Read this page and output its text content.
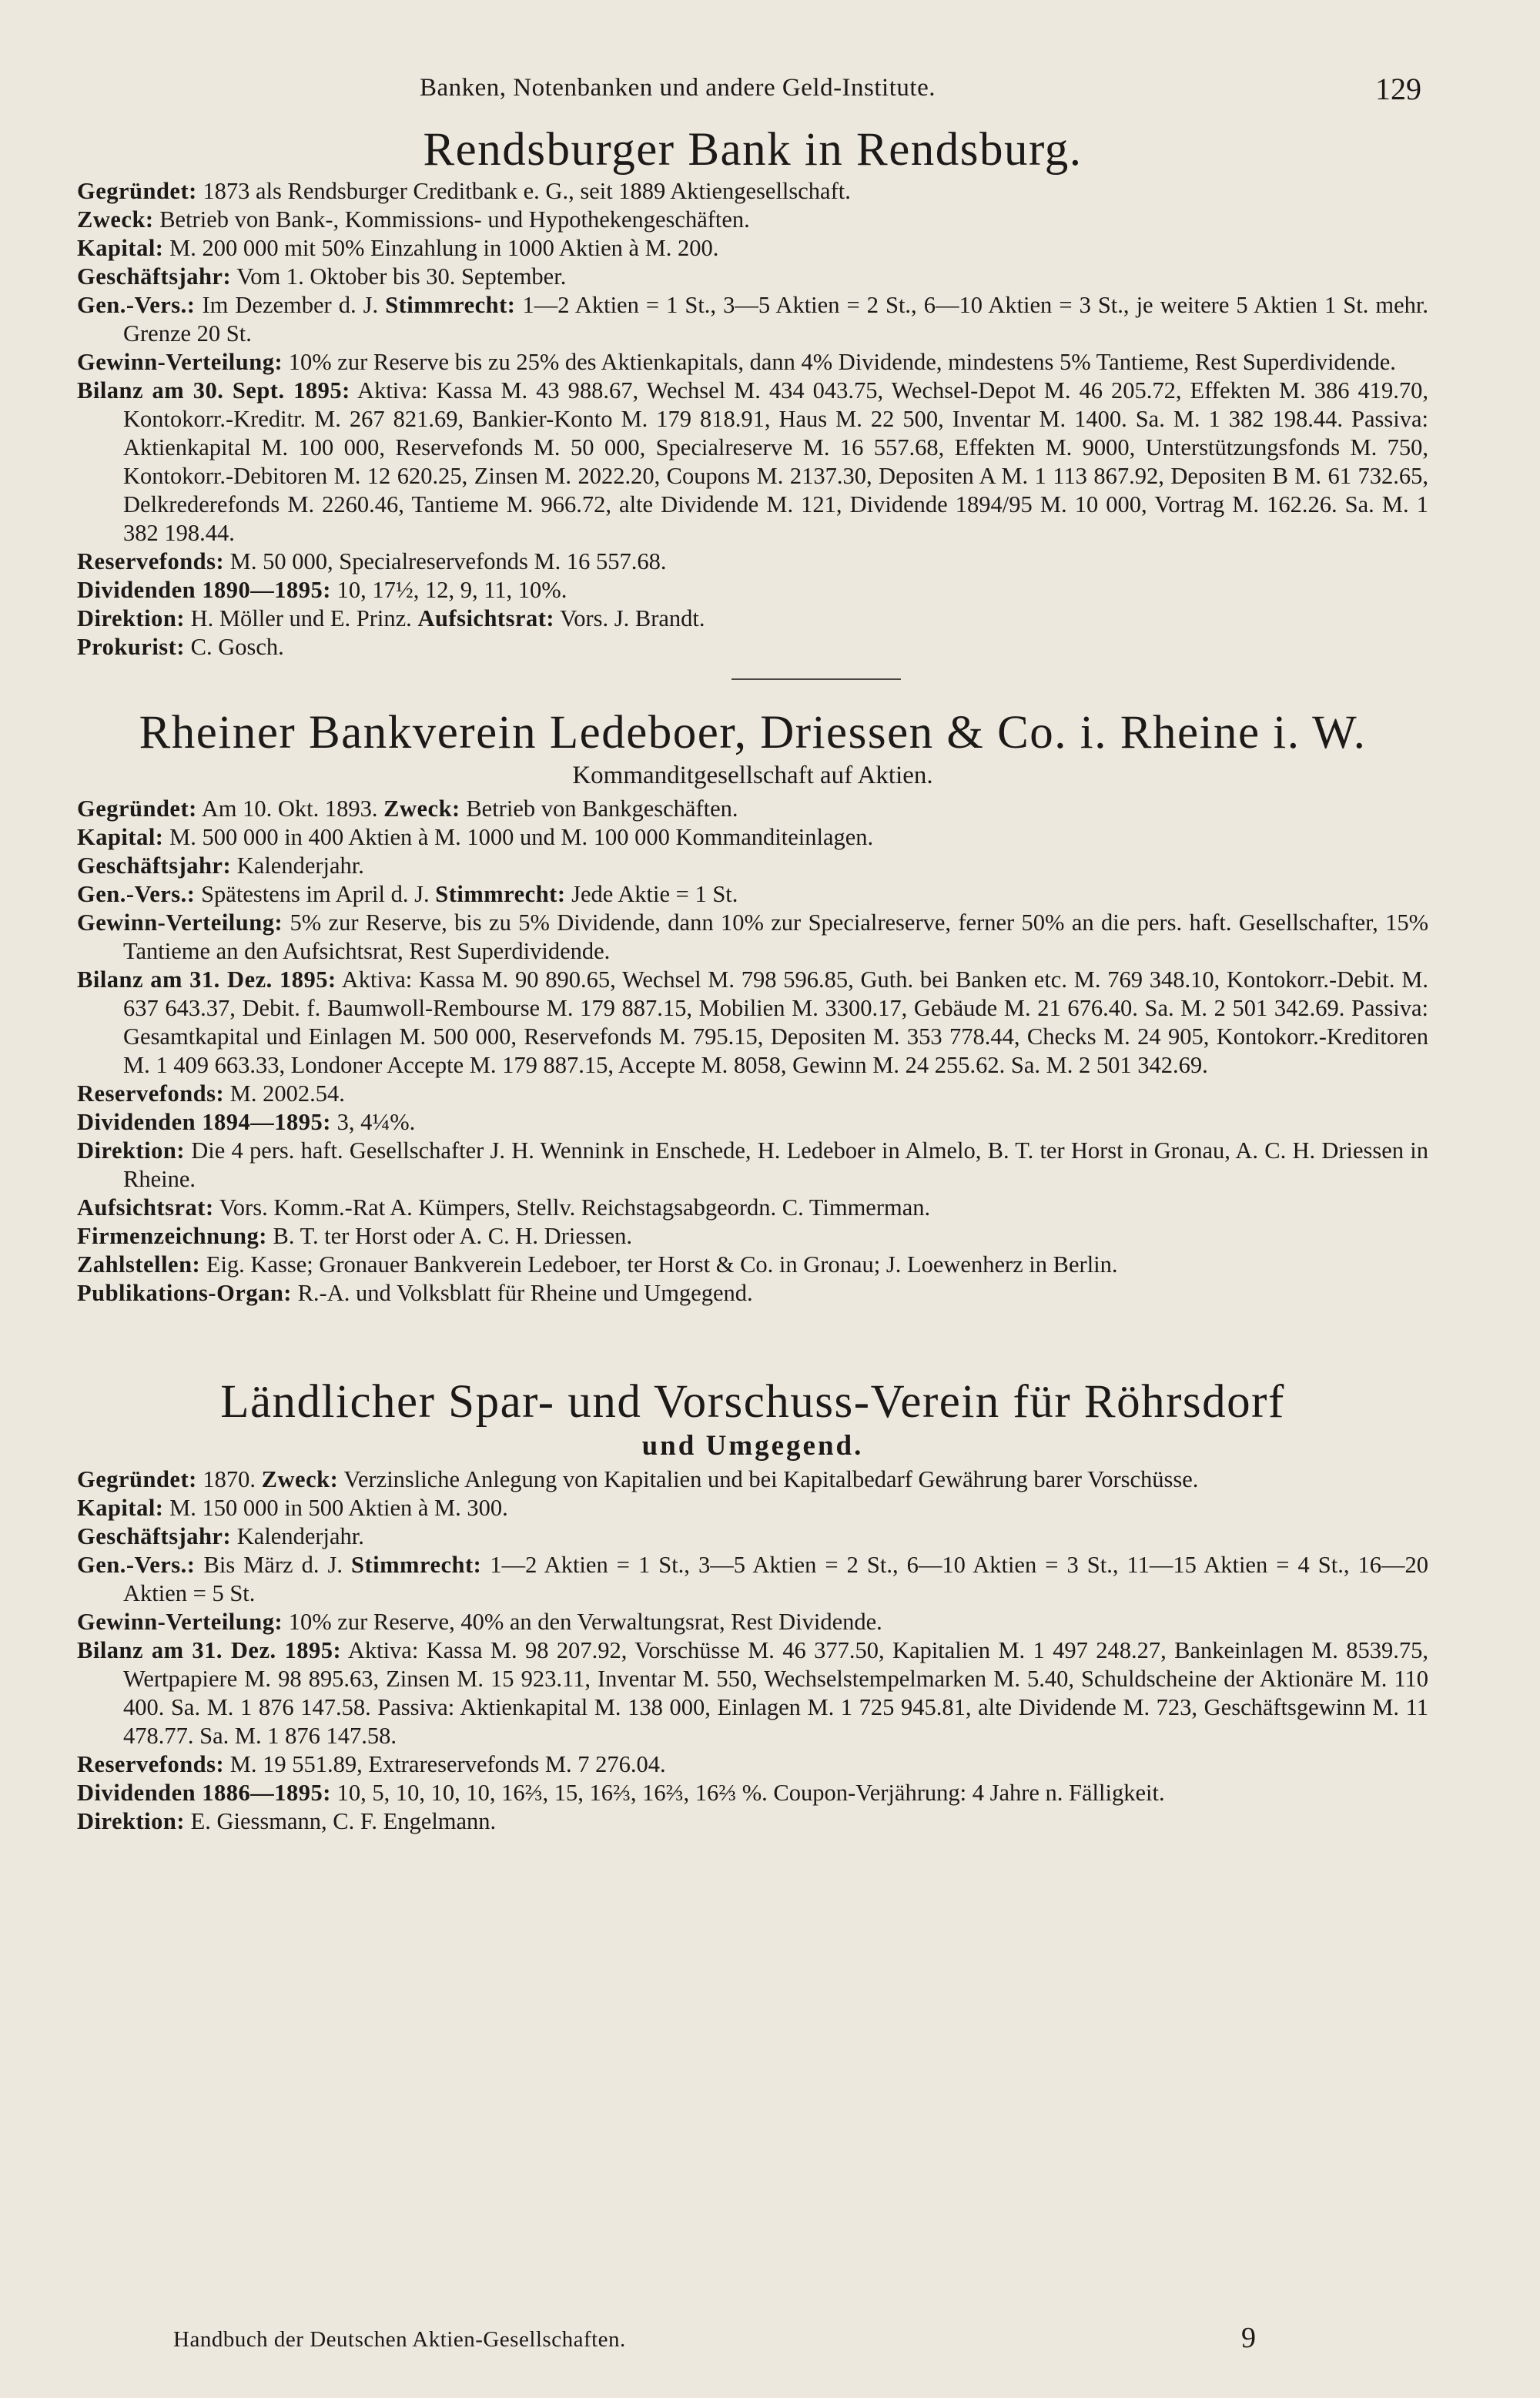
Banken, Notenbanken und andere Geld-Institute.	129
Rendsburger Bank in Rendsburg.

Gegründet: 1873 als Rendsburger Creditbank e. G., seit 1889 Aktiengesellschaft.

Zweck: Betrieb von Bank-, Kommissions- und Hypothekengeschäften.

Kapital: M. 200 000 mit 50% Einzahlung in 1000 Aktien à M. 200.

Geschäftsjahr: Vom 1. Oktober bis 30. September.

Gen.-Vers.: Im Dezember d. J. Stimmrecht: 1—2 Aktien = 1 St., 3—5 Aktien = 2 St., 6—10 Aktien = 3 St., je weitere 5 Aktien 1 St. mehr. Grenze 20 St.

Gewinn-Verteilung: 10% zur Reserve bis zu 25% des Aktienkapitals, dann 4% Dividende, mindestens 5% Tantieme, Rest Superdividende.

Bilanz am 30. Sept. 1895: Aktiva: Kassa M. 43 988.67, Wechsel M. 434 043.75, Wechsel-Depot M. 46 205.72, Effekten M. 386 419.70, Kontokorr.-Kreditr. M. 267 821.69, Bankier-Konto M. 179 818.91, Haus M. 22 500, Inventar M. 1400. Sa. M. 1 382 198.44. Passiva: Aktienkapital M. 100 000, Reservefonds M. 50 000, Specialreserve M. 16 557.68, Effekten M. 9000, Unterstützungsfonds M. 750, Kontokorr.-Debitoren M. 12 620.25, Zinsen M. 2022.20, Coupons M. 2137.30, Depositen A M. 1 113 867.92, Depositen B M. 61 732.65, Delkrederefonds M. 2260.46, Tantieme M. 966.72, alte Dividende M. 121, Dividende 1894/95 M. 10 000, Vortrag M. 162.26. Sa. M. 1 382 198.44.

Reservefonds: M. 50 000, Specialreservefonds M. 16 557.68.

Dividenden 1890—1895: 10, 17½, 12, 9, 11, 10%.

Direktion: H. Möller und E. Prinz. Aufsichtsrat: Vors. J. Brandt.

Prokurist: C. Gosch.

Rheiner Bankverein Ledeboer, Driessen & Co. i. Rheine i. W.

Kommanditgesellschaft auf Aktien.

Gegründet: Am 10. Okt. 1893. Zweck: Betrieb von Bankgeschäften.

Kapital: M. 500 000 in 400 Aktien à M. 1000 und M. 100 000 Kommanditeinlagen.

Geschäftsjahr: Kalenderjahr.

Gen.-Vers.: Spätestens im April d. J. Stimmrecht: Jede Aktie = 1 St.

Gewinn-Verteilung: 5% zur Reserve, bis zu 5% Dividende, dann 10% zur Specialreserve, ferner 50% an die pers. haft. Gesellschafter, 15% Tantieme an den Aufsichtsrat, Rest Superdividende.

Bilanz am 31. Dez. 1895: Aktiva: Kassa M. 90 890.65, Wechsel M. 798 596.85, Guth. bei Banken etc. M. 769 348.10, Kontokorr.-Debit. M. 637 643.37, Debit. f. Baumwoll-Rembourse M. 179 887.15, Mobilien M. 3300.17, Gebäude M. 21 676.40. Sa. M. 2 501 342.69. Passiva: Gesamtkapital und Einlagen M. 500 000, Reservefonds M. 795.15, Depositen M. 353 778.44, Checks M. 24 905, Kontokorr.-Kreditoren M. 1 409 663.33, Londoner Accepte M. 179 887.15, Accepte M. 8058, Gewinn M. 24 255.62. Sa. M. 2 501 342.69.

Reservefonds: M. 2002.54.

Dividenden 1894—1895: 3, 4¼%.

Direktion: Die 4 pers. haft. Gesellschafter J. H. Wennink in Enschede, H. Ledeboer in Almelo, B. T. ter Horst in Gronau, A. C. H. Driessen in Rheine.

Aufsichtsrat: Vors. Komm.-Rat A. Kümpers, Stellv. Reichstagsabgeordn. C. Timmerman.

Firmenzeichnung: B. T. ter Horst oder A. C. H. Driessen.

Zahlstellen: Eig. Kasse; Gronauer Bankverein Ledeboer, ter Horst & Co. in Gronau; J. Loewenherz in Berlin.

Publikations-Organ: R.-A. und Volksblatt für Rheine und Umgegend.

Ländlicher Spar- und Vorschuss-Verein für Röhrsdorf

und Umgegend.

Gegründet: 1870. Zweck: Verzinsliche Anlegung von Kapitalien und bei Kapitalbedarf Gewährung barer Vorschüsse.

Kapital: M. 150 000 in 500 Aktien à M. 300.

Geschäftsjahr: Kalenderjahr.

Gen.-Vers.: Bis März d. J. Stimmrecht: 1—2 Aktien = 1 St., 3—5 Aktien = 2 St., 6—10 Aktien = 3 St., 11—15 Aktien = 4 St., 16—20 Aktien = 5 St.

Gewinn-Verteilung: 10% zur Reserve, 40% an den Verwaltungsrat, Rest Dividende.

Bilanz am 31. Dez. 1895: Aktiva: Kassa M. 98 207.92, Vorschüsse M. 46 377.50, Kapitalien M. 1 497 248.27, Bankeinlagen M. 8539.75, Wertpapiere M. 98 895.63, Zinsen M. 15 923.11, Inventar M. 550, Wechselstempelmarken M. 5.40, Schuldscheine der Aktionäre M. 110 400. Sa. M. 1 876 147.58. Passiva: Aktienkapital M. 138 000, Einlagen M. 1 725 945.81, alte Dividende M. 723, Geschäftsgewinn M. 11 478.77. Sa. M. 1 876 147.58.

Reservefonds: M. 19 551.89, Extrareservefonds M. 7 276.04.

Dividenden 1886—1895: 10, 5, 10, 10, 10, 16⅔, 15, 16⅔, 16⅔, 16⅔ %. Coupon-Verjährung: 4 Jahre n. Fälligkeit.

Direktion: E. Giessmann, C. F. Engelmann.

Handbuch der Deutschen Aktien-Gesellschaften.	9
